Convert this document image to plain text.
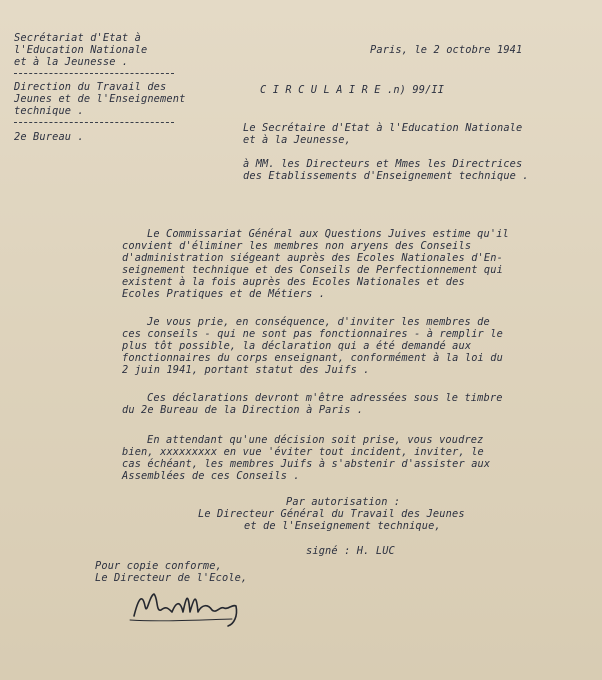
Secrétariat d'Etat à

l'Education Nationale

et à la Jeunesse .

Direction du Travail des

Jeunes et de l'Enseignement

technique .

2e Bureau .

Paris, le 2 octobre 1941

C I R C U L A I R E .n) 99/II

Le Secrétaire d'Etat à l'Education Nationale

et à la Jeunesse,

à MM. les Directeurs et Mmes les Directrices

des Etablissements d'Enseignement technique .

Le Commissariat Général aux Questions Juives estime qu'il

convient d'éliminer les membres non aryens des Conseils

d'administration siégeant auprès des Ecoles Nationales d'En-

seignement technique et des Conseils de Perfectionnement qui

existent à la fois auprès des Ecoles Nationales et des

Ecoles Pratiques et de Métiers .

Je vous prie, en conséquence, d'inviter les membres de

ces conseils - qui ne sont pas fonctionnaires - à remplir le

plus tôt possible, la déclaration qui a été demandé aux

fonctionnaires du corps enseignant, conformément à la loi du

2 juin 1941, portant statut des Juifs .

Ces déclarations devront m'être adressées sous le timbre

du 2e Bureau de la Direction à Paris .

En attendant qu'une décision soit prise, vous voudrez

bien, xxxxxxxxx en vue 'éviter tout incident, inviter, le

cas échéant, les membres Juifs à s'abstenir d'assister aux

Assemblées de ces Conseils .

Par autorisation :

Le Directeur Général du Travail des Jeunes

et de l'Enseignement technique,

signé : H. LUC

Pour copie conforme,

Le Directeur de l'Ecole,
